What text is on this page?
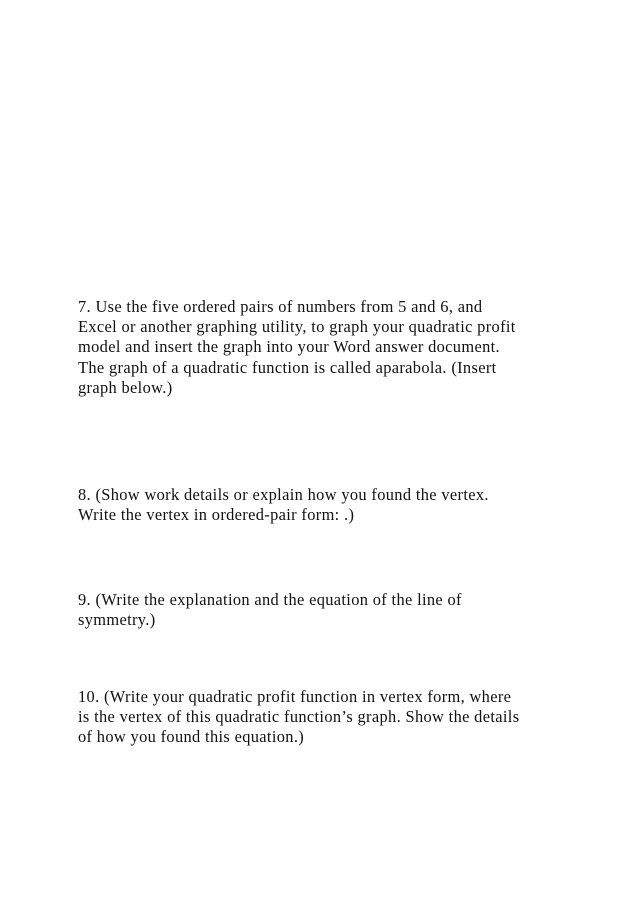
7. Use the five ordered pairs of numbers from 5 and 6, and
Excel or another graphing utility, to graph your quadratic profit
model and insert the graph into your Word answer document.
The graph of a quadratic function is called aparabola. (Insert
graph below.)

8. (Show work details or explain how you found the vertex.
Write the vertex in ordered-pair form: .)

9. (Write the explanation and the equation of the line of
symmetry.)

10. (Write your quadratic profit function in vertex form, where
is the vertex of this quadratic function’s graph. Show the details
of how you found this equation.)
